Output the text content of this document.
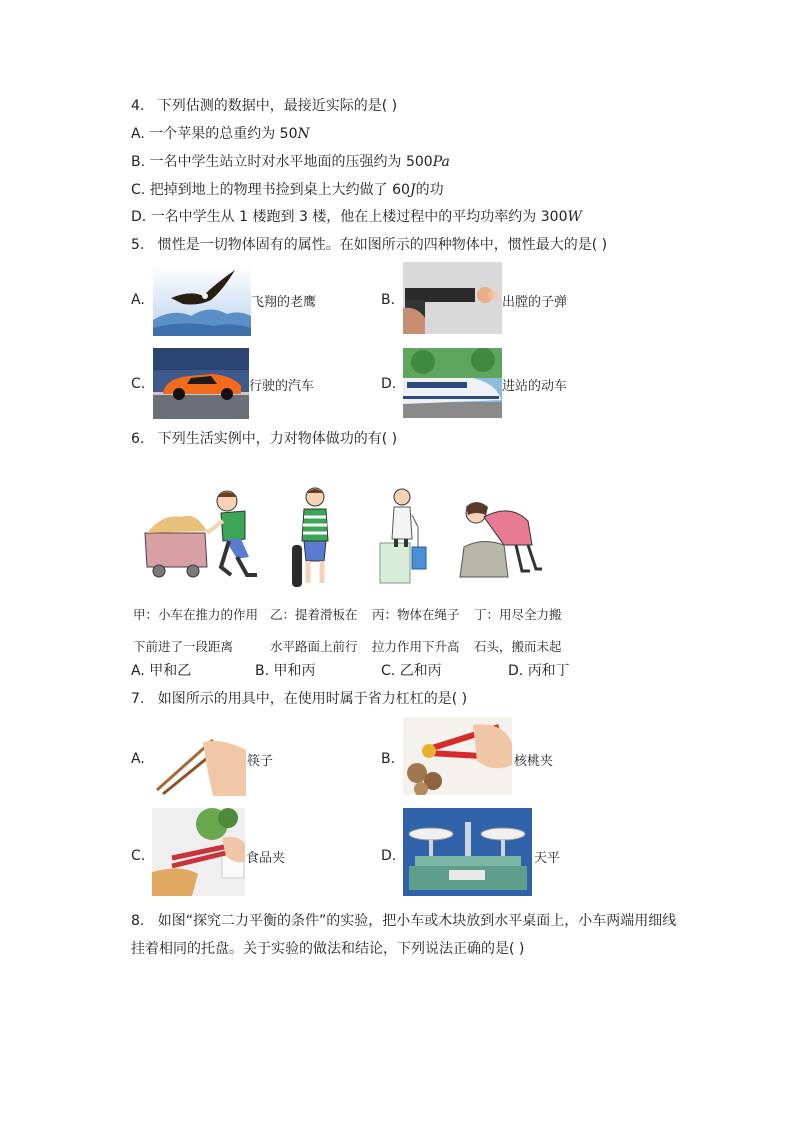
4. 下列估测的数据中，最接近实际的是( )
A. 一个苹果的总重约为 50N
B. 一名中学生站立时对水平地面的压强约为 500Pa
C. 把掉到地上的物理书捡到桌上大约做了 60J的功
D. 一名中学生从 1 楼跑到 3 楼，他在上楼过程中的平均功率约为 300W
5. 惯性是一切物体固有的属性。在如图所示的四种物体中，惯性最大的是( )
A.	飞翔的老鹰	B.	出膛的子弹
C.	行驶的汽车	D.	进站的动车
6. 下列生活实例中，力对物体做功的有( )
甲：小车在推力的作用 乙：提着滑板在 丙：物体在绳子 丁：用尽全力搬
下前进了一段距离	水平路面上前行 拉力作用下升高 石头，搬而未起
A. 甲和乙	B. 甲和丙	C. 乙和丙	D. 丙和丁
7. 如图所示的用具中，在使用时属于省力杠杠的是( )
A.	筷子	B.	核桃夹
C.	食品夹	D.	天平
8. 如图“探究二力平衡的条件”的实验，把小车或木块放到水平桌面上，小车两端用细线
挂着相同的托盘。关于实验的做法和结论，下列说法正确的是( )
